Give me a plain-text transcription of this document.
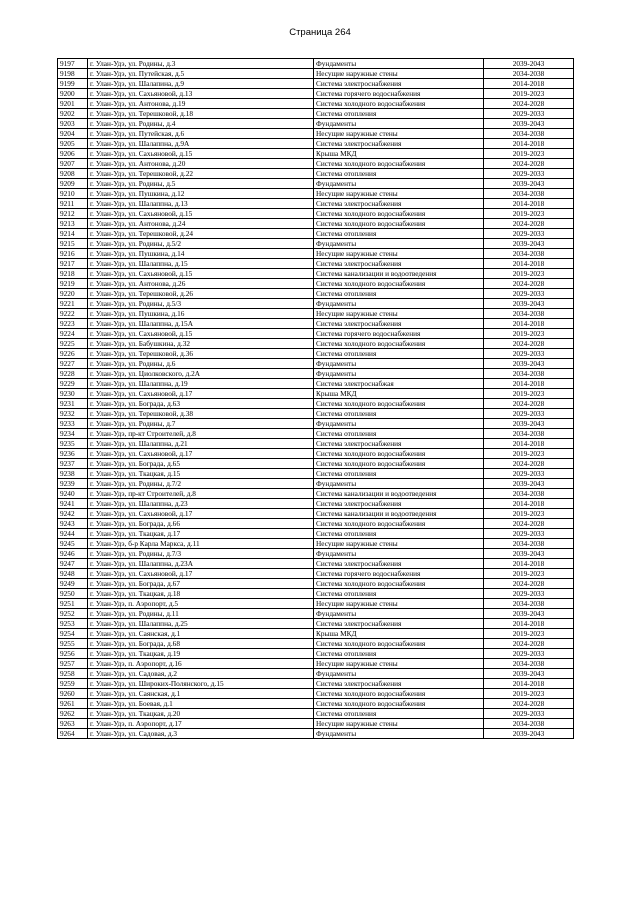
Страница 264
9197	г. Улан-Удэ, ул. Родины, д.3	Фундаменты	2039-2043
9198	г. Улан-Удэ, ул. Путейская, д.5	Несущие наружные стены	2034-2038
9199	г. Улан-Удэ, ул. Шалапина, д.9	Система электроснабжения	2014-2018
9200	г. Улан-Удэ, ул. Сахьяновой, д.13	Система горячего водоснабжения	2019-2023
9201	г. Улан-Удэ, ул. Антонова, д.19	Система холодного водоснабжения	2024-2028
9202	г. Улан-Удэ, ул. Терешковой, д.18	Система отопления	2029-2033
9203	г. Улан-Удэ, ул. Родины, д.4	Фундаменты	2039-2043
9204	г. Улан-Удэ, ул. Путейская, д.6	Несущие наружные стены	2034-2038
9205	г. Улан-Удэ, ул. Шалаппна, д.9А	Система электроснабжения	2014-2018
9206	г. Улан-Удэ, ул. Сахьяновой, д.15	Крыша МКД	2019-2023
9207	г. Улан-Удэ, ул. Антонова, д.20	Система холодного водоснабжения	2024-2028
9208	г. Улан-Удэ, ул. Терешковой, д.22	Система отопления	2029-2033
9209	г. Улан-Удэ, ул. Родины, д.5	Фундаменты	2039-2043
9210	г. Улан-Удэ, ул. Пушкина, д.12	Несущие наружные стены	2034-2038
9211	г. Улан-Удэ, ул. Шалаппна, д.13	Система электроснабжения	2014-2018
9212	г. Улан-Удэ, ул. Сахьяновой, д.15	Система холодного водоснабжения	2019-2023
9213	г. Улан-Удэ, ул. Антонова, д.24	Система холодного водоснабжения	2024-2028
9214	г. Улан-Удэ, ул. Терешковой, д.24	Система отопления	2029-2033
9215	г. Улан-Удэ, ул. Родины, д.5/2	Фундаменты	2039-2043
9216	г. Улан-Удэ, ул. Пушкина, д.14	Несущие наружные стены	2034-2038
9217	г. Улан-Удэ, ул. Шалаппна, д.15	Система электроснабжения	2014-2018
9218	г. Улан-Удэ, ул. Сахьяновой, д.15	Система канализации и водоотведения	2019-2023
9219	г. Улан-Удэ, ул. Антонова, д.26	Система холодного водоснабжения	2024-2028
9220	г. Улан-Удэ, ул. Терешковой, д.26	Система отопления	2029-2033
9221	г. Улан-Удэ, ул. Родины, д.5/3	Фундаменты	2039-2043
9222	г. Улан-Удэ, ул. Пушкина, д.16	Несущие наружные стены	2034-2038
9223	г. Улан-Удэ, ул. Шалаппна, д.15А	Система электроснабжения	2014-2018
9224	г. Улан-Удэ, ул. Сахьяновой, д.15	Система горячего водоснабжения	2019-2023
9225	г. Улан-Удэ, ул. Бабушкина, д.32	Система холодного водоснабжения	2024-2028
9226	г. Улан-Удэ, ул. Терешковой, д.36	Система отопления	2029-2033
9227	г. Улан-Удэ, ул. Родины, д.6	Фундаменты	2039-2043
9228	г. Улан-Удэ, ул. Циолковского, д.2А	Фундаменты	2034-2038
9229	г. Улан-Удэ, ул. Шалаппна, д.19	Система электроснабжая	2014-2018
9230	г. Улан-Удэ, ул. Сахьяновой, д.17	Крыша МКД	2019-2023
9231	г. Улан-Удэ, ул. Бограда, д.63	Система холодного водоснабжения	2024-2028
9232	г. Улан-Удэ, ул. Терешковой, д.38	Система отопления	2029-2033
9233	г. Улан-Удэ, ул. Родины, д.7	Фундаменты	2039-2043
9234	г. Улан-Удэ, пр-кт Строителей, д.8	Система отопления	2034-2038
9235	г. Улан-Удэ, ул. Шалаппна, д.21	Система электроснабжения	2014-2018
9236	г. Улан-Удэ, ул. Сахьяновой, д.17	Система холодного водоснабжения	2019-2023
9237	г. Улан-Удэ, ул. Бограда, д.65	Система холодного водоснабжения	2024-2028
9238	г. Улан-Удэ, ул. Ткацкая, д.15	Система отопления	2029-2033
9239	г. Улан-Удэ, ул. Родины, д.7/2	Фундаменты	2039-2043
9240	г. Улан-Удэ, пр-кт Строителей, д.8	Система канализации и водоотведения	2034-2038
9241	г. Улан-Удэ, ул. Шалаппна, д.23	Система электроснабжения	2014-2018
9242	г. Улан-Удэ, ул. Сахьяновой, д.17	Система канализации и водоотведения	2019-2023
9243	г. Улан-Удэ, ул. Бограда, д.66	Система холодного водоснабжения	2024-2028
9244	г. Улан-Удэ, ул. Ткацкая, д.17	Система отопления	2029-2033
9245	г. Улан-Удэ, б-р Карла Маркса, д.11	Несущие наружные стены	2034-2038
9246	г. Улан-Удэ, ул. Родины, д.7/3	Фундаменты	2039-2043
9247	г. Улан-Удэ, ул. Шалаппна, д.23А	Система электроснабжения	2014-2018
9248	г. Улан-Удэ, ул. Сахьяновой, д.17	Система горячего водоснабжения	2019-2023
9249	г. Улан-Удэ, ул. Бограда, д.67	Система холодного водоснабжения	2024-2028
9250	г. Улан-Удэ, ул. Ткацкая, д.18	Система отопления	2029-2033
9251	г. Улан-Удэ, п. Аэропорт, д.5	Несущие наружные стены	2034-2038
9252	г. Улан-Удэ, ул. Родины, д.11	Фундаменты	2039-2043
9253	г. Улан-Удэ, ул. Шалаппна, д.25	Система электроснабжения	2014-2018
9254	г. Улан-Удэ, ул. Саянская, д.1	Крыша МКД	2019-2023
9255	г. Улан-Удэ, ул. Бограда, д.68	Система холодного водоснабжения	2024-2028
9256	г. Улан-Удэ, ул. Ткацкая, д.19	Система отопления	2029-2033
9257	г. Улан-Удэ, п. Аэропорт, д.16	Несущие наружные стены	2034-2038
9258	г. Улан-Удэ, ул. Садовая, д.2	Фундаменты	2039-2043
9259	г. Улан-Удэ, ул. Широких-Полянского, д.15	Система электроснабжения	2014-2018
9260	г. Улан-Удэ, ул. Саянская, д.1	Система холодного водоснабжения	2019-2023
9261	г. Улан-Удэ, ул. Боевая, д.1	Система холодного водоснабжения	2024-2028
9262	г. Улан-Удэ, ул. Ткацкая, д.20	Система отопления	2029-2033
9263	г. Улан-Удэ, п. Аэропорт, д.17	Несущие наружные стены	2034-2038
9264	г. Улан-Удэ, ул. Садовая, д.3	Фундаменты	2039-2043
